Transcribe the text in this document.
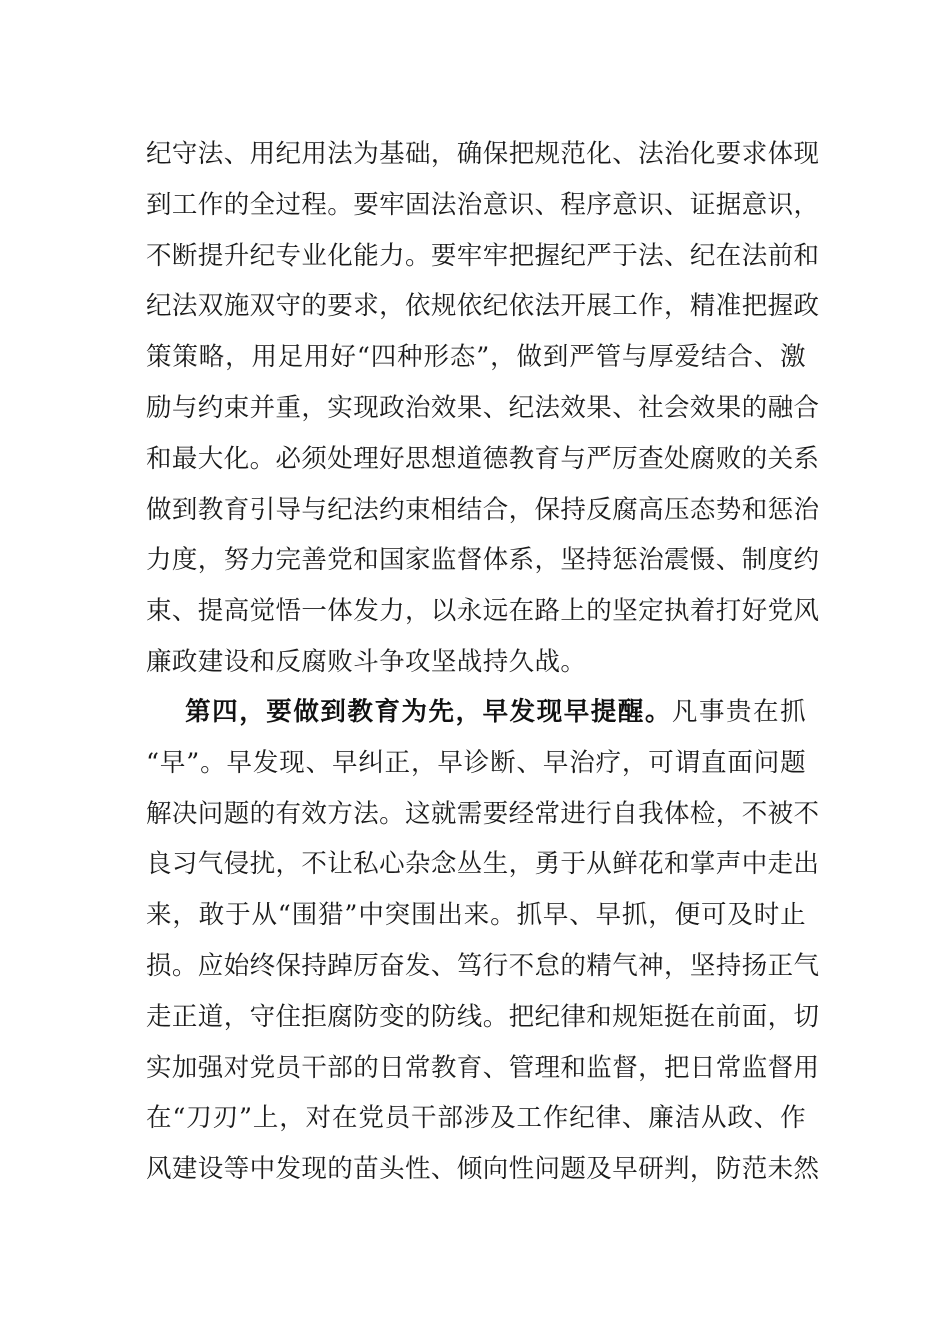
纪守法、用纪用法为基础，确保把规范化、法治化要求体现
到工作的全过程。要牢固法治意识、程序意识、证据意识，
不断提升纪专业化能力。要牢牢把握纪严于法、纪在法前和
纪法双施双守的要求，依规依纪依法开展工作，精准把握政
策策略，用足用好“四种形态”，做到严管与厚爱结合、激
励与约束并重，实现政治效果、纪法效果、社会效果的融合
和最大化。必须处理好思想道德教育与严厉查处腐败的关系
做到教育引导与纪法约束相结合，保持反腐高压态势和惩治
力度，努力完善党和国家监督体系，坚持惩治震慑、制度约
束、提高觉悟一体发力，以永远在路上的坚定执着打好党风
廉政建设和反腐败斗争攻坚战持久战。
第四，要做到教育为先，早发现早提醒。凡事贵在抓
“早”。早发现、早纠正，早诊断、早治疗，可谓直面问题
解决问题的有效方法。这就需要经常进行自我体检，不被不
良习气侵扰，不让私心杂念丛生，勇于从鲜花和掌声中走出
来，敢于从“围猎”中突围出来。抓早、早抓，便可及时止
损。应始终保持踔厉奋发、笃行不怠的精气神，坚持扬正气
走正道，守住拒腐防变的防线。把纪律和规矩挺在前面，切
实加强对党员干部的日常教育、管理和监督，把日常监督用
在“刀刃”上，对在党员干部涉及工作纪律、廉洁从政、作
风建设等中发现的苗头性、倾向性问题及早研判，防范未然
